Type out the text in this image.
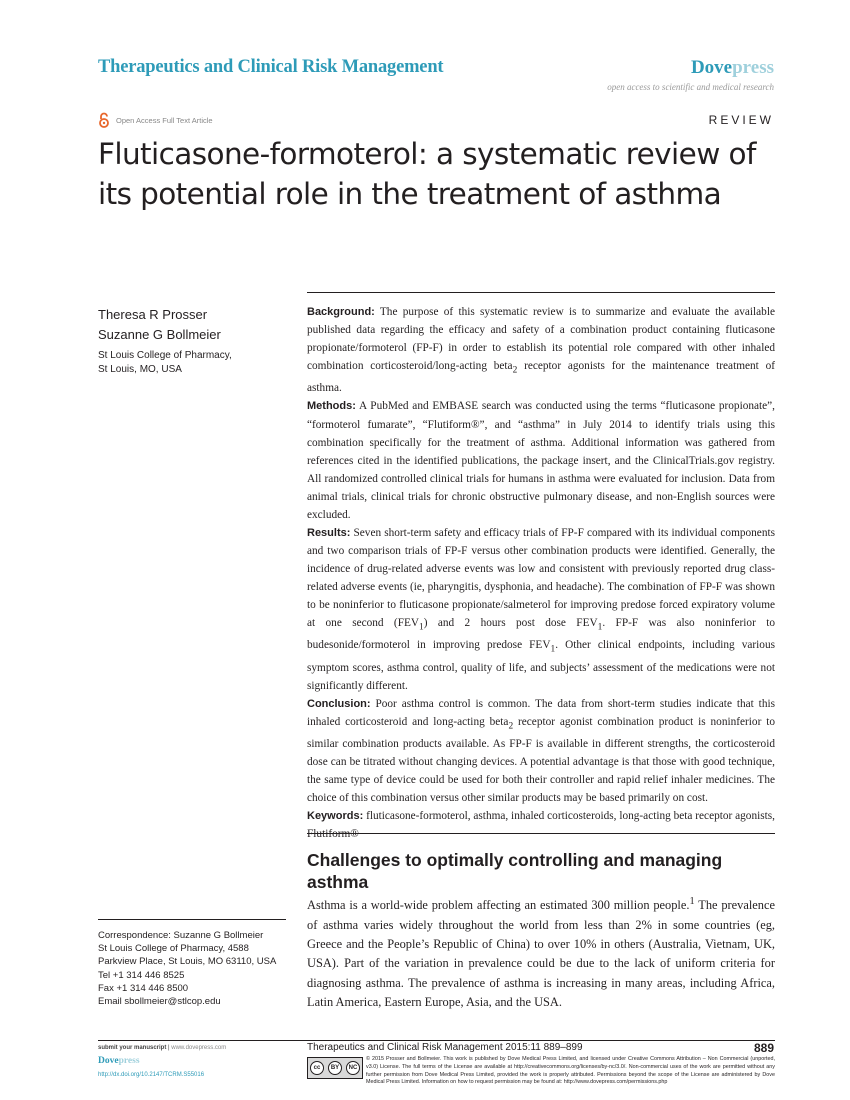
Therapeutics and Clinical Risk Management	Dovepress
open access to scientific and medical research
Open Access Full Text Article	REVIEW
Fluticasone-formoterol: a systematic review of its potential role in the treatment of asthma
Theresa R Prosser
Suzanne G Bollmeier
St Louis College of Pharmacy,
St Louis, MO, USA

Background: The purpose of this systematic review is to summarize and evaluate the available published data regarding the efficacy and safety of a combination product containing fluticasone propionate/formoterol (FP-F) in order to establish its potential role compared with other inhaled combination corticosteroid/long-acting beta$_2$ receptor agonists for the maintenance treatment of asthma.

Methods: A PubMed and EMBASE search was conducted using the terms “fluticasone propionate”, “formoterol fumarate”, “Flutiform®”, and “asthma” in July 2014 to identify trials using this combination specifically for the treatment of asthma. Additional information was gathered from references cited in the identified publications, the package insert, and the ClinicalTrials.gov registry. All randomized controlled clinical trials for humans in asthma were evaluated for inclusion. Data from animal trials, clinical trials for chronic obstructive pulmonary disease, and non-English sources were excluded.

Results: Seven short-term safety and efficacy trials of FP-F compared with its individual components and two comparison trials of FP-F versus other combination products were identified. Generally, the incidence of drug-related adverse events was low and consistent with previously reported drug class-related adverse events (ie, pharyngitis, dysphonia, and headache). The combination of FP-F was shown to be noninferior to fluticasone propionate/salmeterol for improving predose forced expiratory volume at one second $(FEV_1)$ and 2 hours post dose $FEV_1$. FP-F was also noninferior to budesonide/formoterol in improving predose $FEV_1$. Other clinical endpoints, including various symptom scores, asthma control, quality of life, and subjects’ assessment of the medications were not significantly different.

Conclusion: Poor asthma control is common. The data from short-term studies indicate that this inhaled corticosteroid and long-acting beta$_2$ receptor agonist combination product is noninferior to similar combination products available. As FP-F is available in different strengths, the corticosteroid dose can be titrated without changing devices. A potential advantage is that those with good technique, the same type of device could be used for both their controller and rapid relief inhaler medicines. The choice of this combination versus other similar products may be based primarily on cost.

Keywords: fluticasone-formoterol, asthma, inhaled corticosteroids, long-acting beta receptor agonists, Flutiform®

Challenges to optimally controlling and managing asthma

Asthma is a world-wide problem affecting an estimated 300 million people.$^1$ The prevalence of asthma varies widely throughout the world from less than 2% in some countries (eg, Greece and the People’s Republic of China) to over 10% in others (Australia, Vietnam, UK, USA). Part of the variation in prevalence could be due to the lack of uniform criteria for diagnosing asthma. The prevalence of asthma is increasing in many areas, including Africa, Latin America, Eastern Europe, Asia, and the USA.

Correspondence: Suzanne G Bollmeier
St Louis College of Pharmacy, 4588
Parkview Place, St Louis, MO 63110, USA
Tel +1 314 446 8525
Fax +1 314 446 8500
Email sbollmeier@stlcop.edu
submit your manuscript | www.dovepress.com
Dovepress
http://dx.doi.org/10.2147/TCRM.S55016
Therapeutics and Clinical Risk Management 2015:11 889–899	889
cc	BY	NC
© 2015 Prosser and Bollmeier. This work is published by Dove Medical Press Limited, and licensed under Creative Commons Attribution – Non Commercial (unported, v3.0) License. The full terms of the License are available at http://creativecommons.org/licenses/by-nc/3.0/. Non-commercial uses of the work are permitted without any further permission from Dove Medical Press Limited, provided the work is properly attributed. Permissions beyond the scope of the License are administered by Dove Medical Press Limited. Information on how to request permission may be found at: http://www.dovepress.com/permissions.php
